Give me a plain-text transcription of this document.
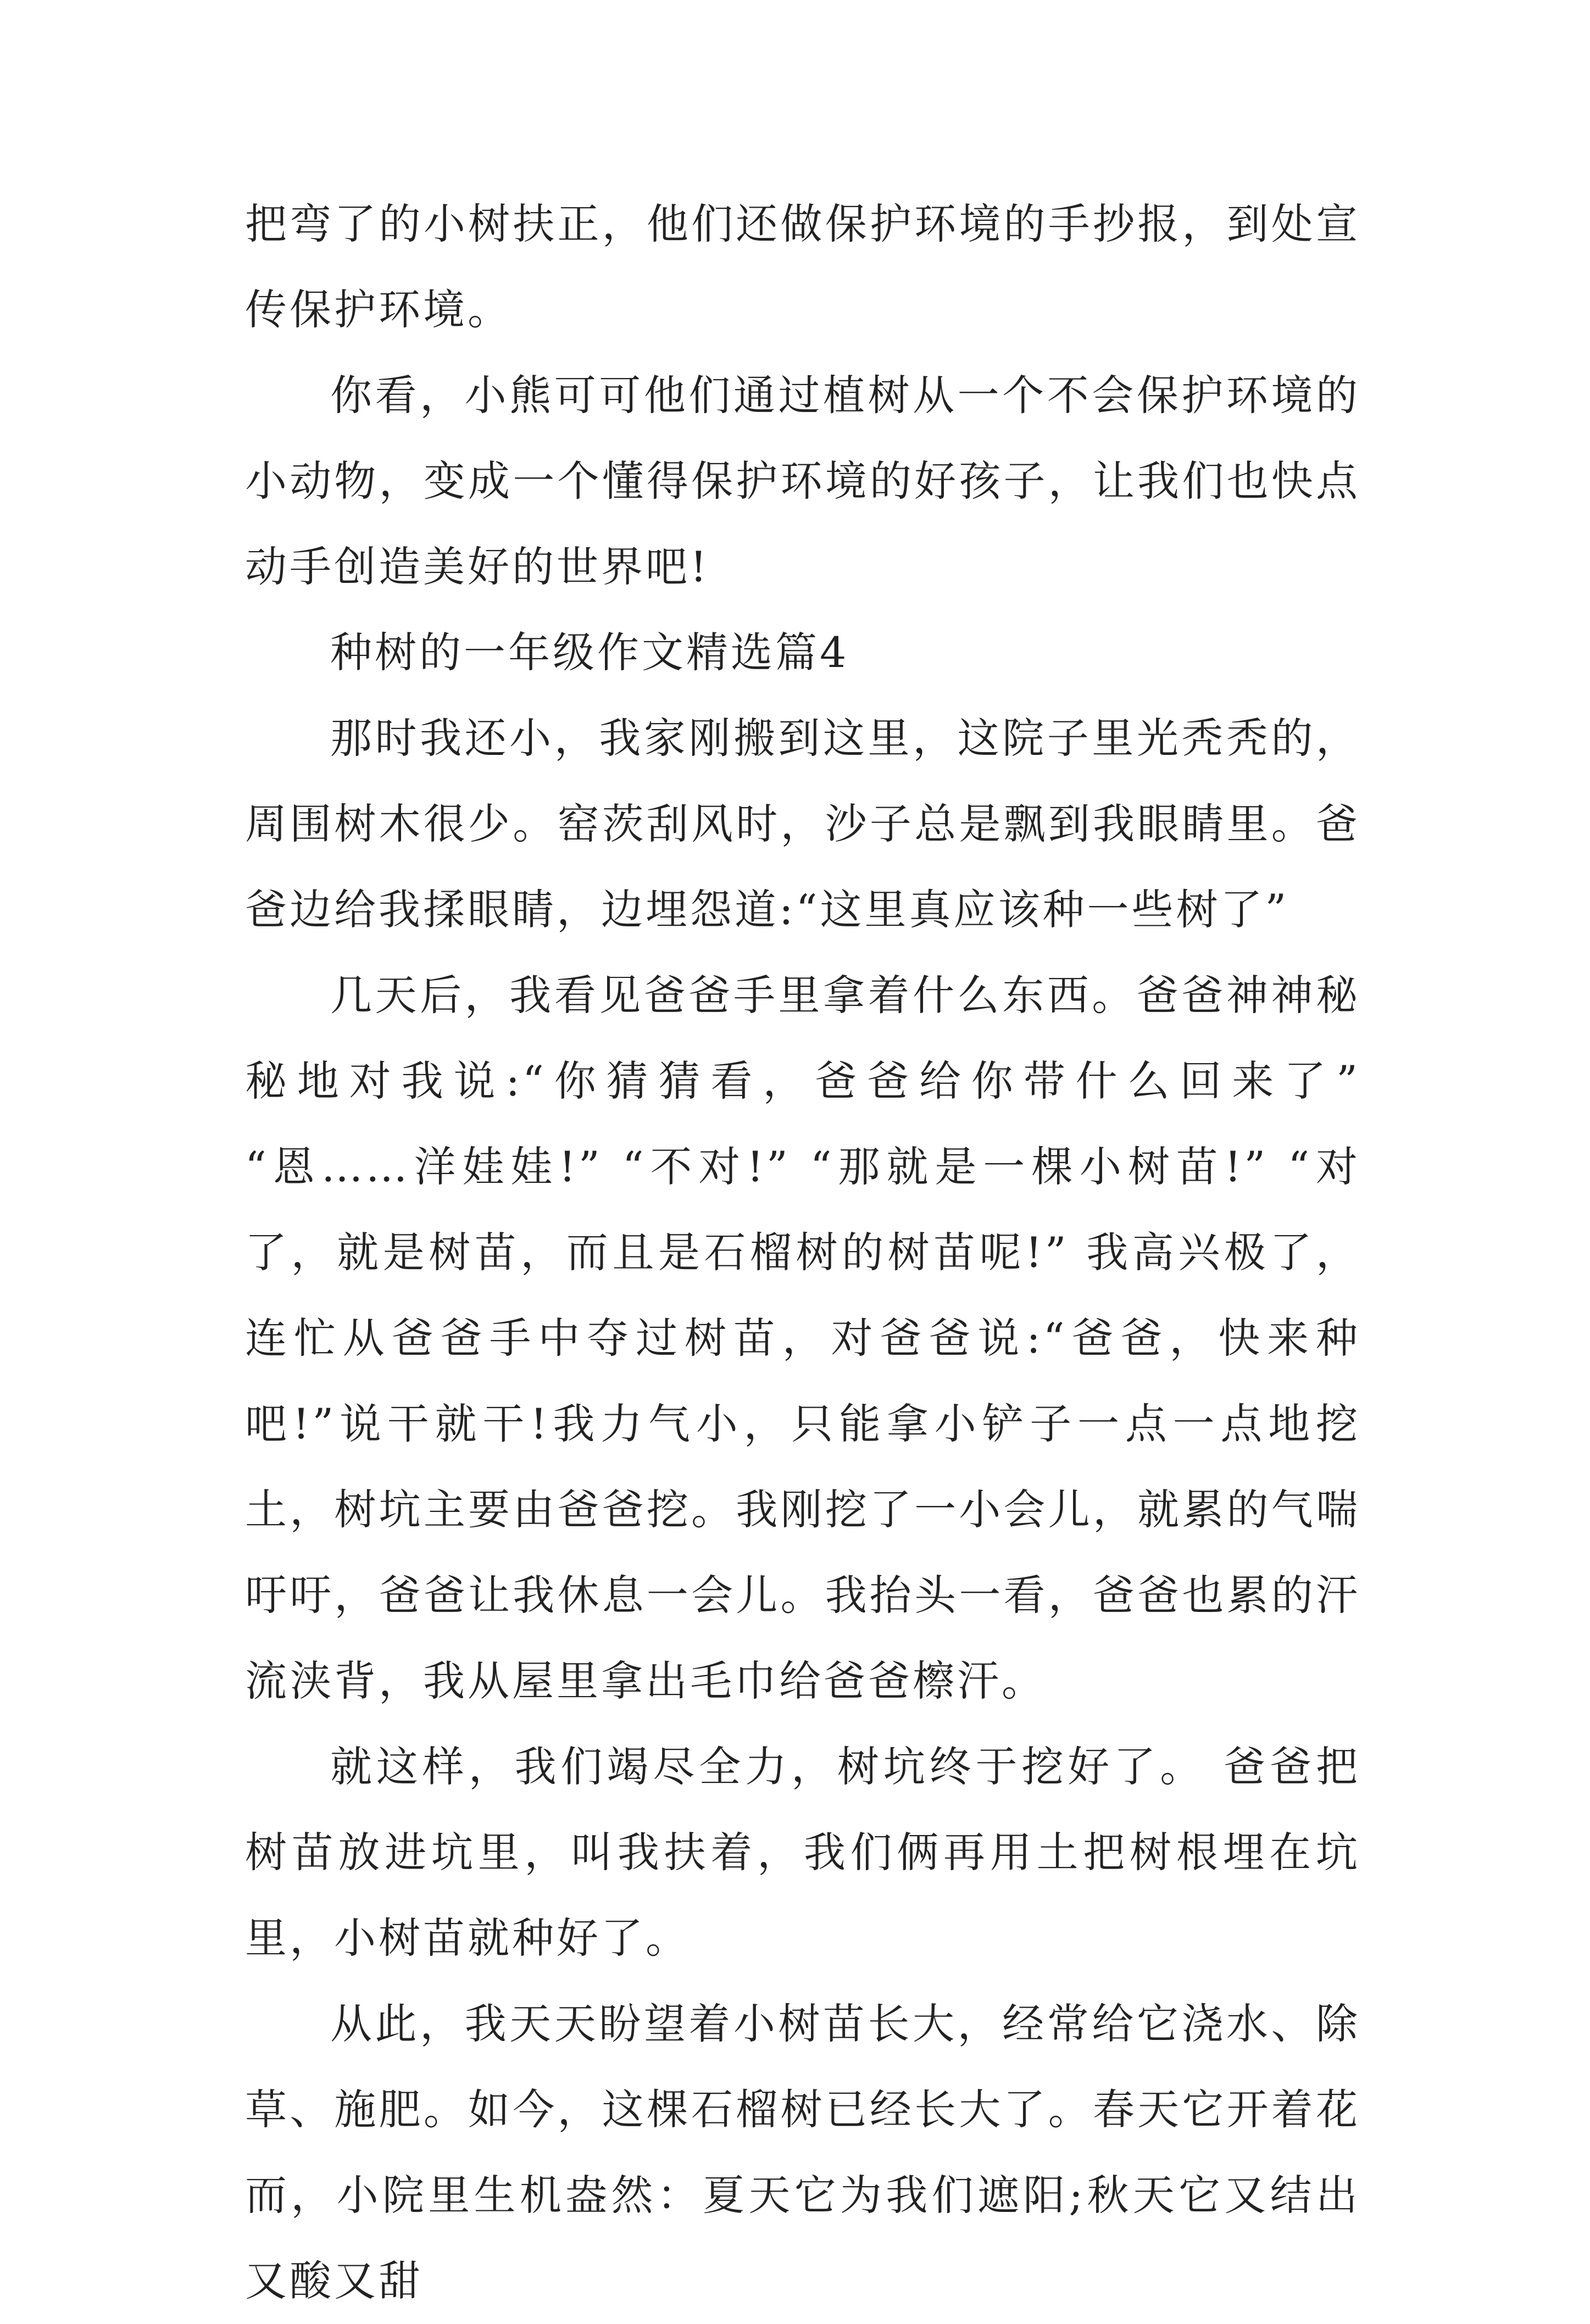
把弯了的小树扶正，他们还做保护环境的手抄报，到处宣传保护环境。

你看，小熊可可他们通过植树从一个不会保护环境的小动物，变成一个懂得保护环境的好孩子，让我们也快点动手创造美好的世界吧!

种树的一年级作文精选篇4

那时我还小，我家刚搬到这里，这院子里光秃秃的，周围树木很少。窑茨刮风时，沙子总是飘到我眼睛里。爸爸边给我揉眼睛，边埋怨道:“这里真应该种一些树了”

几天后，我看见爸爸手里拿着什么东西。爸爸神神秘秘地对我说:“你猜猜看，爸爸给你带什么回来了” “恩……洋娃娃!” “不对!” “那就是一棵小树苗!” “对了，就是树苗，而且是石榴树的树苗呢!” 我高兴极了，连忙从爸爸手中夺过树苗，对爸爸说:“爸爸，快来种吧!”说干就干!我力气小，只能拿小铲子一点一点地挖土，树坑主要由爸爸挖。我刚挖了一小会儿，就累的气喘吁吁，爸爸让我休息一会儿。我抬头一看，爸爸也累的汗流浃背，我从屋里拿出毛巾给爸爸檫汗。

就这样，我们竭尽全力，树坑终于挖好了。 爸爸把树苗放进坑里，叫我扶着，我们俩再用土把树根埋在坑里，小树苗就种好了。

从此，我天天盼望着小树苗长大，经常给它浇水、除草、施肥。如今，这棵石榴树已经长大了。春天它开着花而，小院里生机盎然：夏天它为我们遮阳;秋天它又结出又酸又甜
